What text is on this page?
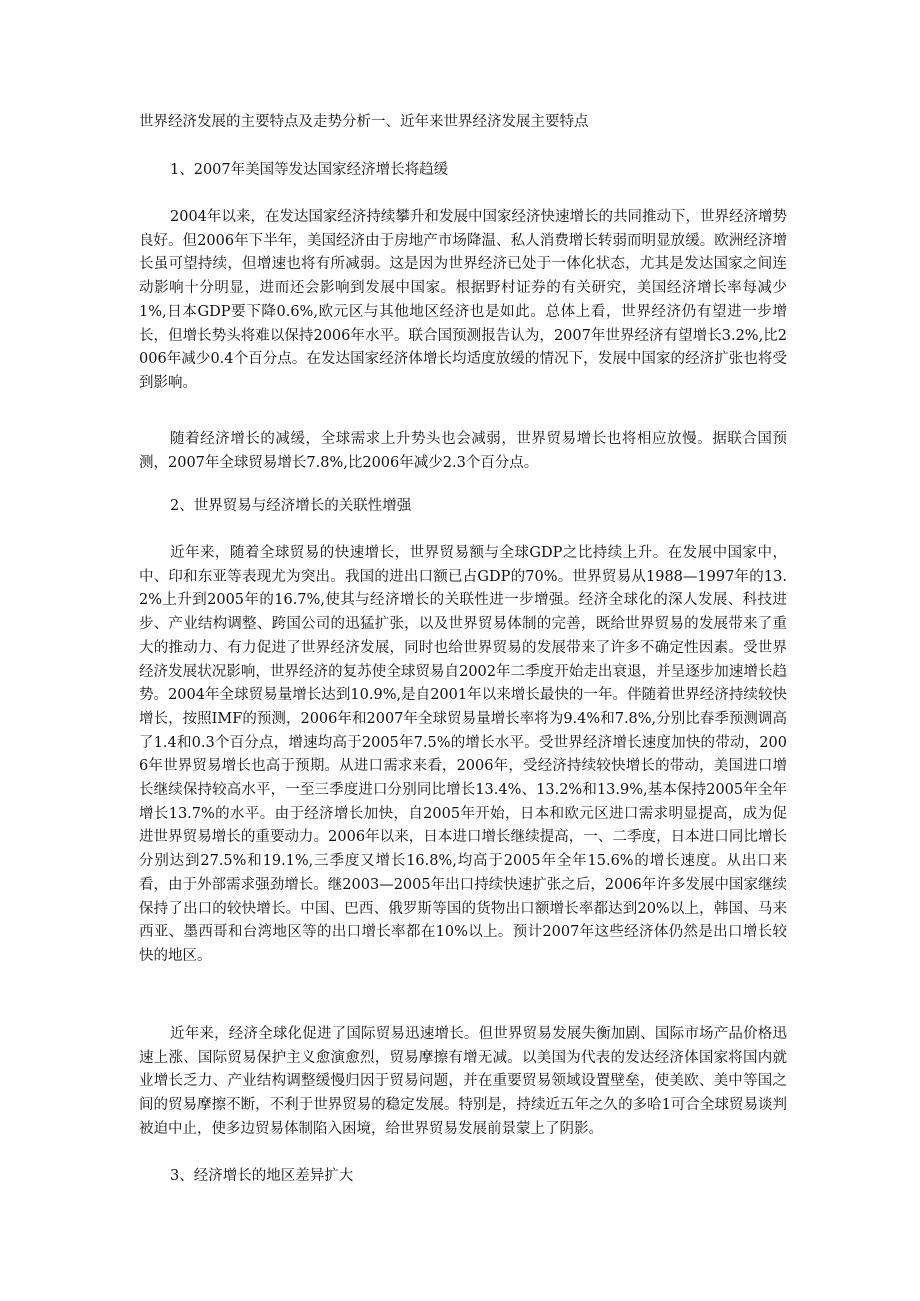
世界经济发展的主要特点及走势分析一、近年来世界经济发展主要特点
1、2007年美国等发达国家经济增长将趋缓
2004年以来，在发达国家经济持续攀升和发展中国家经济快速增长的共同推动下，世界经济增势良好。但2006年下半年，美国经济由于房地产市场降温、私人消费增长转弱而明显放缓。欧洲经济增长虽可望持续，但增速也将有所减弱。这是因为世界经济已处于一体化状态，尤其是发达国家之间连动影响十分明显，进而还会影响到发展中国家。根据野村证券的有关研究，美国经济增长率每减少1%,日本GDP要下降0.6%,欧元区与其他地区经济也是如此。总体上看，世界经济仍有望进一步增长，但增长势头将难以保持2006年水平。联合国预测报告认为，2007年世界经济有望增长3.2%,比2006年减少0.4个百分点。在发达国家经济体增长均适度放缓的情况下，发展中国家的经济扩张也将受到影响。
随着经济增长的减缓，全球需求上升势头也会减弱，世界贸易增长也将相应放慢。据联合国预测，2007年全球贸易增长7.8%,比2006年减少2.3个百分点。
2、世界贸易与经济增长的关联性增强
近年来，随着全球贸易的快速增长，世界贸易额与全球GDP之比持续上升。在发展中国家中，中、印和东亚等表现尤为突出。我国的进出口额已占GDP的70%。世界贸易从1988—1997年的13.2%上升到2005年的16.7%,使其与经济增长的关联性进一步增强。经济全球化的深人发展、科技进步、产业结构调整、跨国公司的迅猛扩张，以及世界贸易体制的完善，既给世界贸易的发展带来了重大的推动力、有力促进了世界经济发展，同时也给世界贸易的发展带来了许多不确定性因素。受世界经济发展状况影响，世界经济的复苏使全球贸易自2002年二季度开始走出衰退，并呈逐步加速增长趋势。2004年全球贸易量增长达到10.9%,是自2001年以来增长最快的一年。伴随着世界经济持续较快增长，按照IMF的预测，2006年和2007年全球贸易量增长率将为9.4%和7.8%,分别比春季预测调高了1.4和0.3个百分点，增速均高于2005年7.5%的增长水平。受世界经济增长速度加快的带动，2006年世界贸易增长也高于预期。从进口需求来看，2006年，受经济持续较快增长的带动，美国进口增长继续保持较高水平，一至三季度进口分别同比增长13.4%、13.2%和13.9%,基本保持2005年全年增长13.7%的水平。由于经济增长加快，自2005年开始，日本和欧元区进口需求明显提高，成为促进世界贸易增长的重要动力。2006年以来，日本进口增长继续提高，一、二季度，日本进口同比增长分别达到27.5%和19.1%,三季度又增长16.8%,均高于2005年全年15.6%的增长速度。从出口来看，由于外部需求强劲增长。继2003—2005年出口持续快速扩张之后，2006年许多发展中国家继续保持了出口的较快增长。中国、巴西、俄罗斯等国的货物出口额增长率都达到20%以上，韩国、马来西亚、墨西哥和台湾地区等的出口增长率都在10%以上。预计2007年这些经济体仍然是出口增长较快的地区。
近年来，经济全球化促进了国际贸易迅速增长。但世界贸易发展失衡加剧、国际市场产品价格迅速上涨、国际贸易保护主义愈演愈烈，贸易摩擦有增无减。以美国为代表的发达经济体国家将国内就业增长乏力、产业结构调整缓慢归因于贸易问题，并在重要贸易领域设置壁垒，使美欧、美中等国之间的贸易摩擦不断，不利于世界贸易的稳定发展。特别是，持续近五年之久的多哈1可合全球贸易谈判被迫中止，使多边贸易体制陷入困境，给世界贸易发展前景蒙上了阴影。
3、经济增长的地区差异扩大
